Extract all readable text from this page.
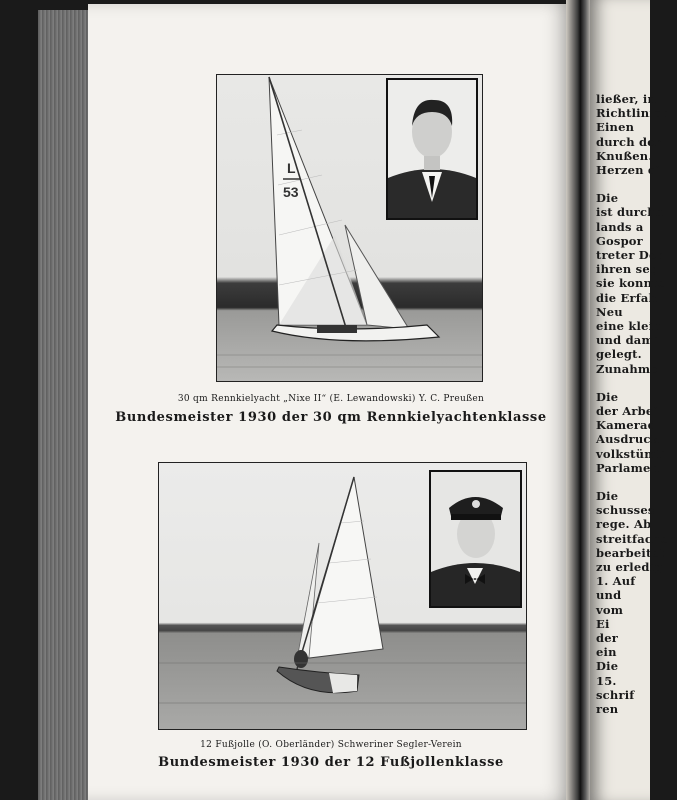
L
53
30 qm Rennkielyacht „Nixe II“ (E. Lewandowski) Y. C. Preußen
Bundesmeister 1930 der 30 qm Rennkielyachtenklasse
12 Fußjolle (O. Oberländer) Schweriner Segler-Verein
Bundesmeister 1930 der 12 Fußjollenklasse
ließer, in
Richtlinien
Einen
durch der
Knußen.
Herzen ei
Die
ist durcha
lands a
Gospor
treter Der
ihren seg
sie konnte
die Erfah
Neu
eine klein
und dami
gelegt.
Zunahme
Die
der Arbei
Kamerad
Ausdruck
volkstümli
Parlamen
Die
schusses
rege. Ab
streitfachen
bearbeitet
zu erledig
1. Auf
und
vom
Ei
der
ein
Die
15.
schrif
ren
